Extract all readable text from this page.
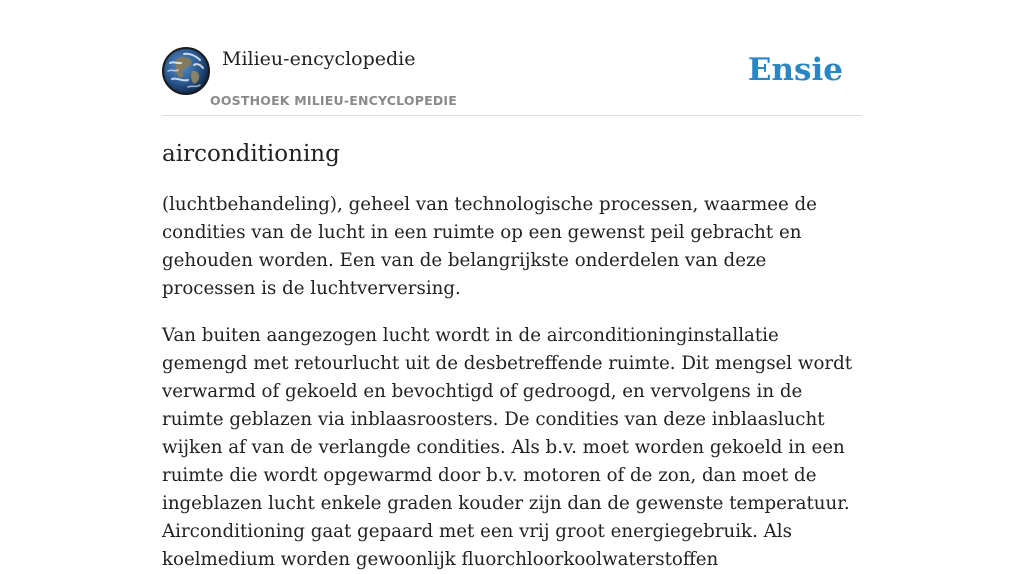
Milieu-encyclopedie
OOSTHOEK MILIEU-ENCYCLOPEDIE
Ensie
airconditioning

(luchtbehandeling), geheel van technologische processen, waarmee de condities van de lucht in een ruimte op een gewenst peil gebracht en gehouden worden. Een van de belangrijkste onderdelen van deze processen is de luchtverversing.

Van buiten aangezogen lucht wordt in de airconditioninginstallatie gemengd met retourlucht uit de desbetreffende ruimte. Dit mengsel wordt verwarmd of gekoeld en bevochtigd of gedroogd, en vervolgens in de ruimte geblazen via inblaasroosters. De condities van deze inblaaslucht wijken af van de verlangde condities. Als b.v. moet worden gekoeld in een ruimte die wordt opgewarmd door b.v. motoren of de zon, dan moet de ingeblazen lucht enkele graden kouder zijn dan de gewenste temperatuur. Airconditioning gaat gepaard met een vrij groot energiegebruik. Als koelmedium worden gewoonlijk fluorchloorkoolwaterstoffen
